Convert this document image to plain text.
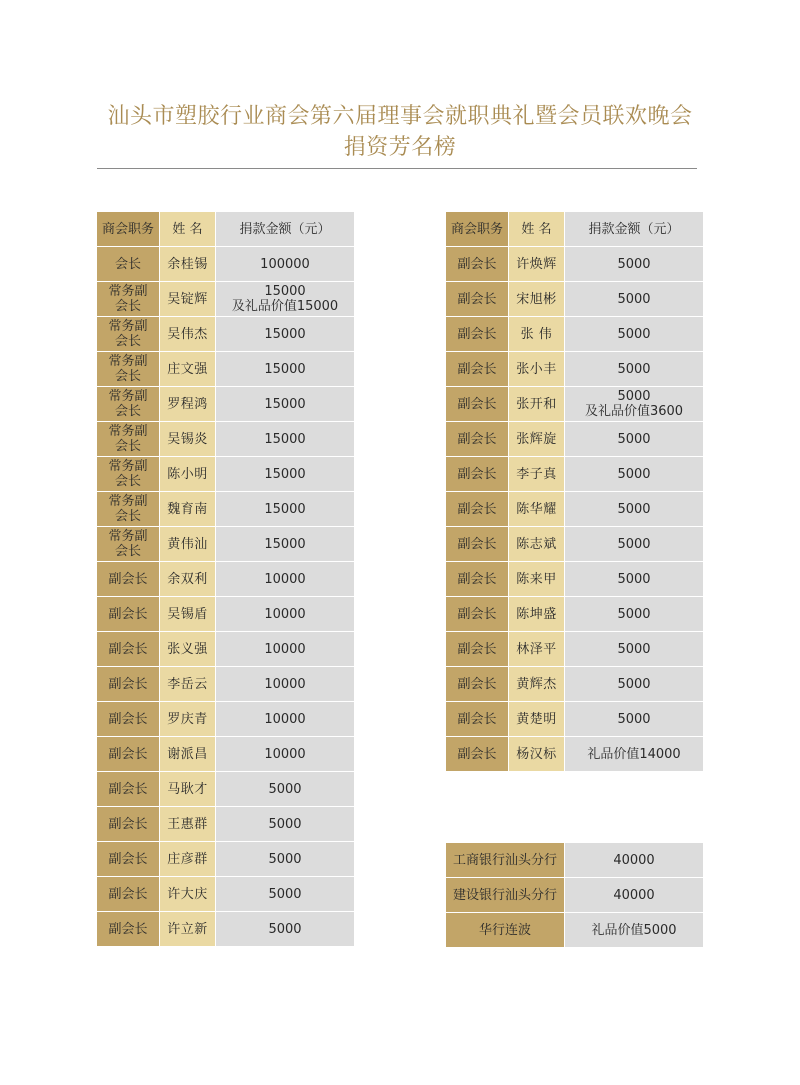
汕头市塑胶行业商会第六届理事会就职典礼暨会员联欢晚会
捐资芳名榜
商会职务	姓 名	捐款金额（元）
会长	余桂锡	100000
常务副
会长	吴锭辉	15000
及礼品价值15000
常务副
会长	吴伟杰	15000
常务副
会长	庄文强	15000
常务副
会长	罗程鸿	15000
常务副
会长	吴锡炎	15000
常务副
会长	陈小明	15000
常务副
会长	魏育南	15000
常务副
会长	黄伟汕	15000
副会长	余双利	10000
副会长	吴锡盾	10000
副会长	张义强	10000
副会长	李岳云	10000
副会长	罗庆青	10000
副会长	谢派昌	10000
副会长	马耿才	5000
副会长	王惠群	5000
副会长	庄彦群	5000
副会长	许大庆	5000
副会长	许立新	5000
商会职务	姓 名	捐款金额（元）
副会长	许焕辉	5000
副会长	宋旭彬	5000
副会长	张 伟	5000
副会长	张小丰	5000
副会长	张开和	5000
及礼品价值3600
副会长	张辉旋	5000
副会长	李子真	5000
副会长	陈华耀	5000
副会长	陈志斌	5000
副会长	陈来甲	5000
副会长	陈坤盛	5000
副会长	林泽平	5000
副会长	黄辉杰	5000
副会长	黄楚明	5000
副会长	杨汉标	礼品价值14000
工商银行汕头分行	40000
建设银行汕头分行	40000
华行连波	礼品价值5000
